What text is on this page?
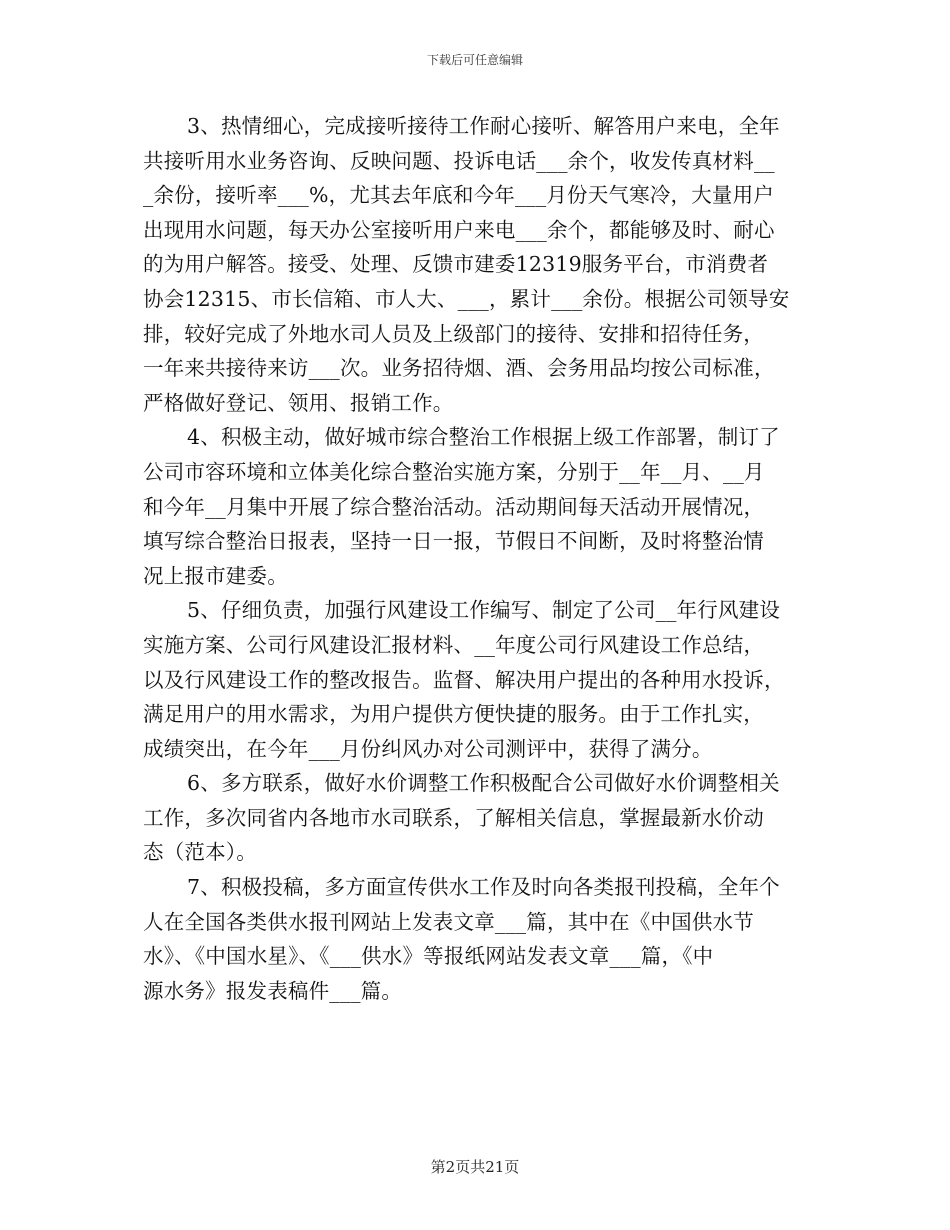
下载后可任意编辑
3、热情细心，完成接听接待工作耐心接听、解答用户来电，全年
共接听用水业务咨询、反映问题、投诉电话___余个，收发传真材料__
_余份，接听率___%，尤其去年底和今年___月份天气寒冷，大量用户
出现用水问题，每天办公室接听用户来电___余个，都能够及时、耐心
的为用户解答。接受、处理、反馈市建委12319服务平台，市消费者
协会12315、市长信箱、市人大、___，累计___余份。根据公司领导安
排，较好完成了外地水司人员及上级部门的接待、安排和招待任务，
一年来共接待来访___次。业务招待烟、酒、会务用品均按公司标准，
严格做好登记、领用、报销工作。
4、积极主动，做好城市综合整治工作根据上级工作部署，制订了
公司市容环境和立体美化综合整治实施方案，分别于__年__月、__月
和今年__月集中开展了综合整治活动。活动期间每天活动开展情况，
填写综合整治日报表，坚持一日一报，节假日不间断，及时将整治情
况上报市建委。
5、仔细负责，加强行风建设工作编写、制定了公司__年行风建设
实施方案、公司行风建设汇报材料、__年度公司行风建设工作总结，
以及行风建设工作的整改报告。监督、解决用户提出的各种用水投诉，
满足用户的用水需求，为用户提供方便快捷的服务。由于工作扎实，
成绩突出，在今年___月份纠风办对公司测评中，获得了满分。
6、多方联系，做好水价调整工作积极配合公司做好水价调整相关
工作，多次同省内各地市水司联系，了解相关信息，掌握最新水价动
态（范本）。
7、积极投稿，多方面宣传供水工作及时向各类报刊投稿，全年个
人在全国各类供水报刊网站上发表文章___篇，其中在《中国供水节
水》、《中国水星》、《___供水》等报纸网站发表文章___篇，《中
源水务》报发表稿件___篇。
第2页共21页
